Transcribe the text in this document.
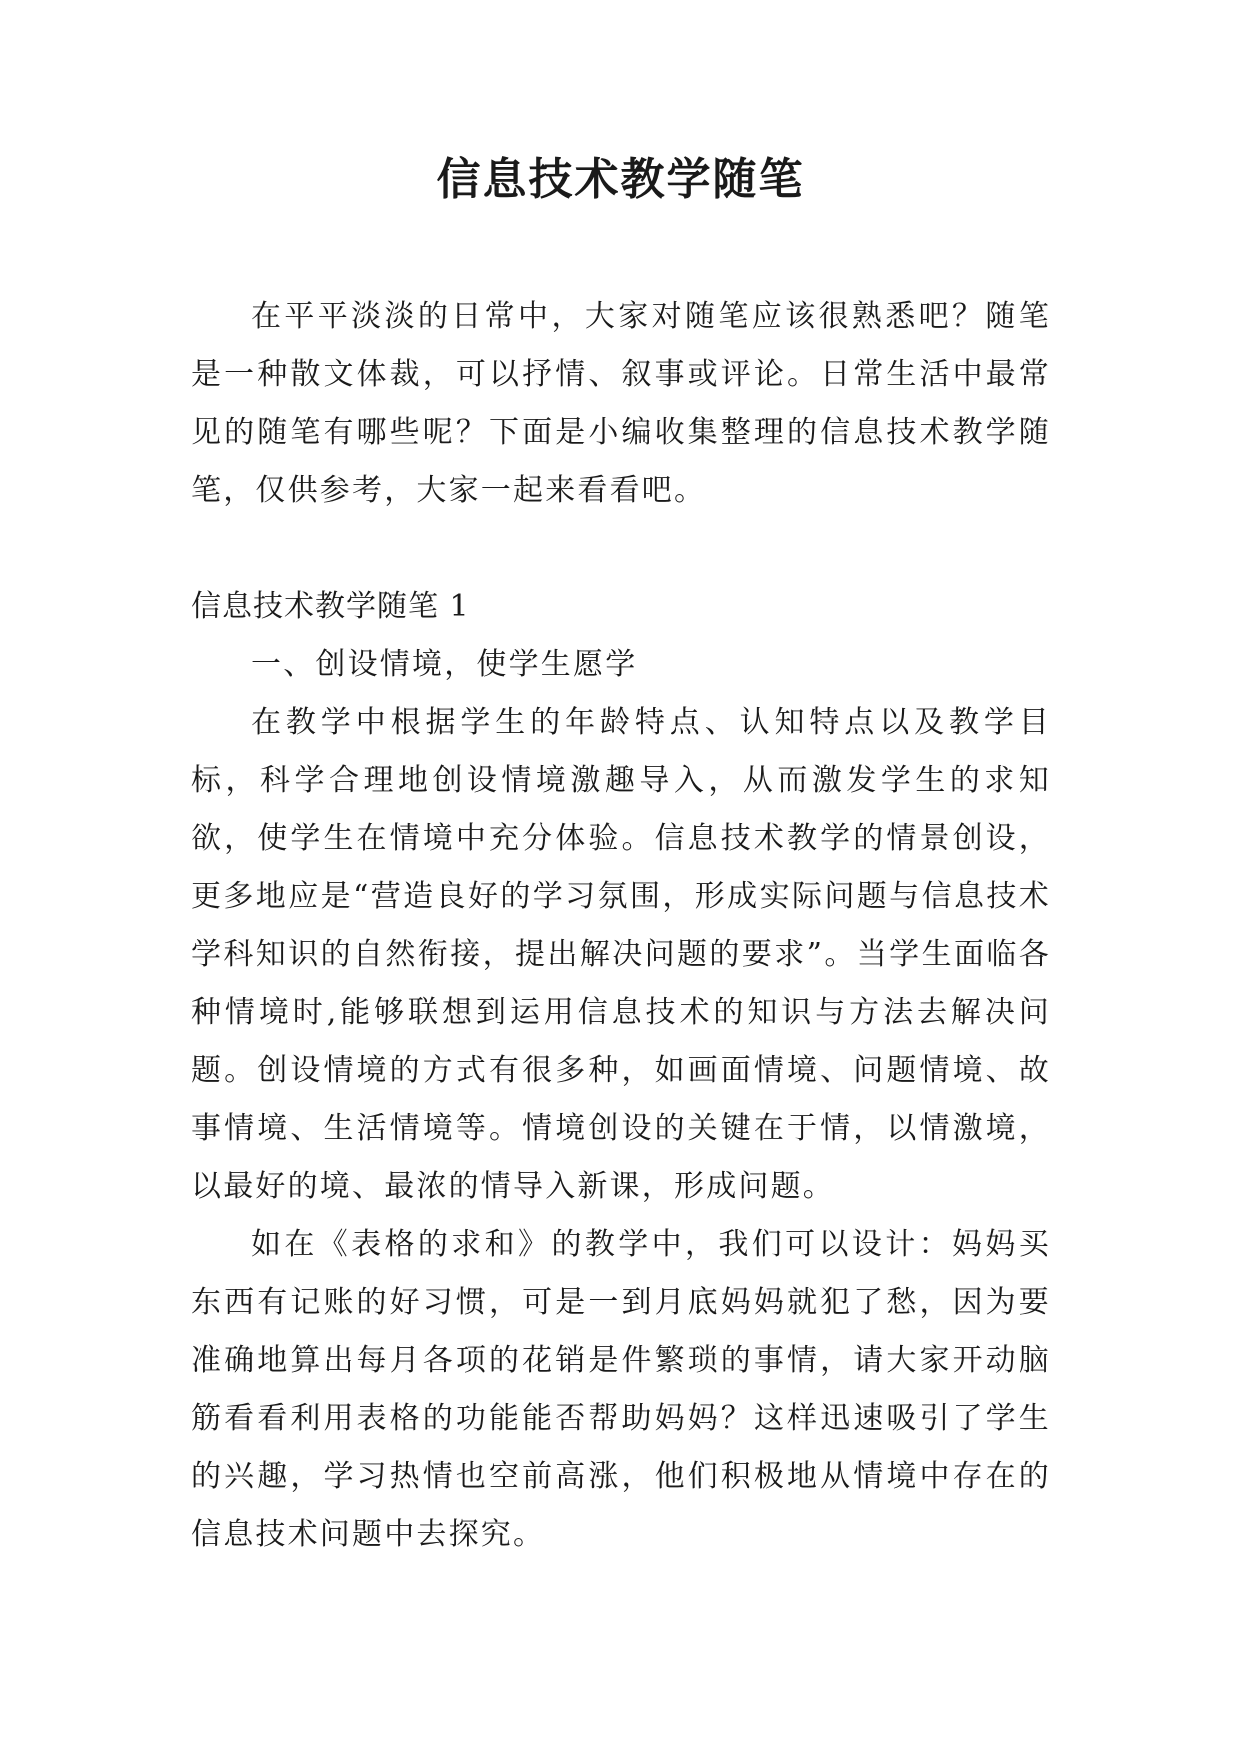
信息技术教学随笔

在平平淡淡的日常中，大家对随笔应该很熟悉吧？随笔是一种散文体裁，可以抒情、叙事或评论。日常生活中最常见的随笔有哪些呢？下面是小编收集整理的信息技术教学随笔，仅供参考，大家一起来看看吧。

信息技术教学随笔 1

一、创设情境，使学生愿学

在教学中根据学生的年龄特点、认知特点以及教学目标，科学合理地创设情境激趣导入，从而激发学生的求知欲，使学生在情境中充分体验。信息技术教学的情景创设，更多地应是“营造良好的学习氛围，形成实际问题与信息技术学科知识的自然衔接，提出解决问题的要求”。当学生面临各种情境时,能够联想到运用信息技术的知识与方法去解决问题。创设情境的方式有很多种，如画面情境、问题情境、故事情境、生活情境等。情境创设的关键在于情，以情激境，以最好的境、最浓的情导入新课，形成问题。

如在《表格的求和》的教学中，我们可以设计：妈妈买东西有记账的好习惯，可是一到月底妈妈就犯了愁，因为要准确地算出每月各项的花销是件繁琐的事情，请大家开动脑筋看看利用表格的功能能否帮助妈妈？这样迅速吸引了学生的兴趣，学习热情也空前高涨，他们积极地从情境中存在的信息技术问题中去探究。
